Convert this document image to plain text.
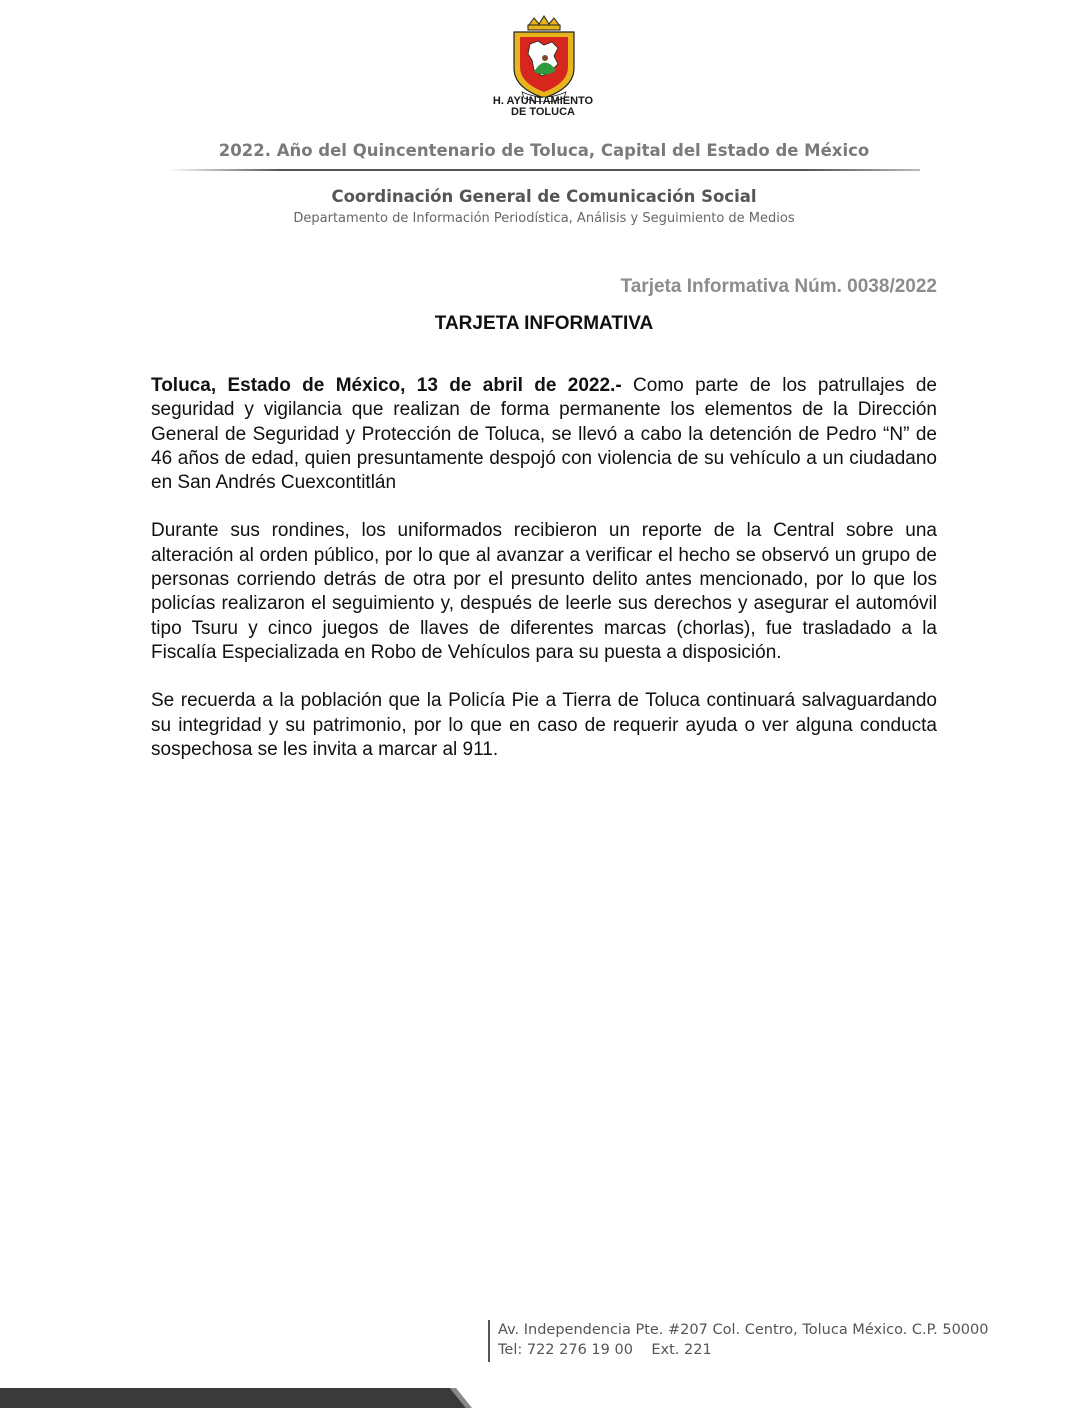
H. AYUNTAMIENTO
DE TOLUCA
2022. Año del Quincentenario de Toluca, Capital del Estado de México
Coordinación General de Comunicación Social
Departamento de Información Periodística, Análisis y Seguimiento de Medios
Tarjeta Informativa Núm. 0038/2022
TARJETA INFORMATIVA

Toluca, Estado de México, 13 de abril de 2022.- Como parte de los patrullajes de seguridad y vigilancia que realizan de forma permanente los elementos de la Dirección General de Seguridad y Protección de Toluca, se llevó a cabo la detención de Pedro “N” de 46 años de edad, quien presuntamente despojó con violencia de su vehículo a un ciudadano en San Andrés Cuexcontitlán

Durante sus rondines, los uniformados recibieron un reporte de la Central sobre una alteración al orden público, por lo que al avanzar a verificar el hecho se observó un grupo de personas corriendo detrás de otra por el presunto delito antes mencionado, por lo que los policías realizaron el seguimiento y, después de leerle sus derechos y asegurar el automóvil tipo Tsuru y cinco juegos de llaves de diferentes marcas (chorlas), fue trasladado a la Fiscalía Especializada en Robo de Vehículos para su puesta a disposición.

Se recuerda a la población que la Policía Pie a Tierra de Toluca continuará salvaguardando su integridad y su patrimonio, por lo que en caso de requerir ayuda o ver alguna conducta sospechosa se les invita a marcar al 911.

Av. Independencia Pte. #207 Col. Centro, Toluca México. C.P. 50000
Tel: 722 276 19 00    Ext. 221
